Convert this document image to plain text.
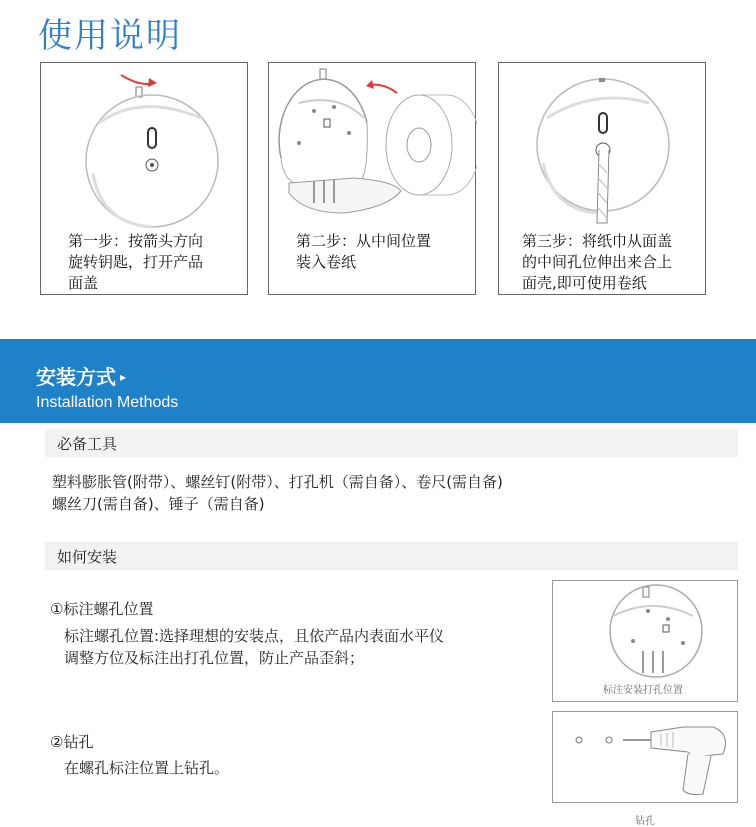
使用说明
第一步：按箭头方向
旋转钥匙，打开产品
面盖
第二步：从中间位置
装入卷纸
第三步：将纸巾从面盖
的中间孔位伸出来合上
面壳,即可使用卷纸
安装方式 ▸
Installation Methods
必备工具
塑料膨胀管(附带）、螺丝钉(附带）、打孔机（需自备）、卷尺(需自备)
螺丝刀(需自备)、锤子（需自备)
如何安装
①标注螺孔位置
标注螺孔位置:选择理想的安装点，且依产品内表面水平仪
调整方位及标注出打孔位置，防止产品歪斜；
标注安装打孔位置
②钻孔
在螺孔标注位置上钻孔。
钻孔
